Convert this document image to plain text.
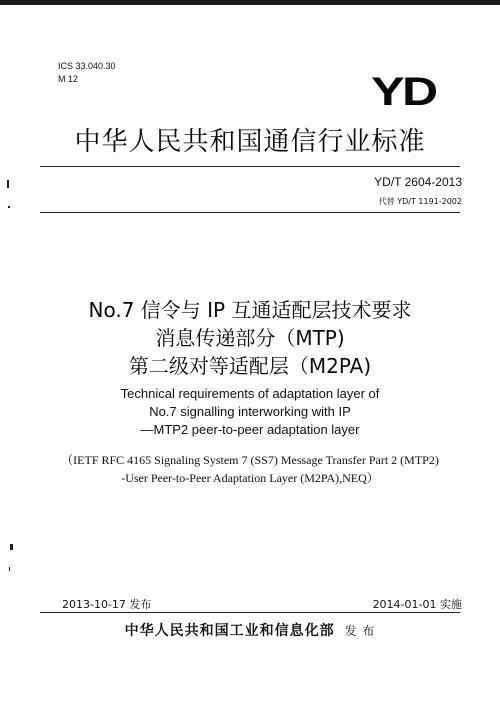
ICS 33.040.30
M 12	YD
中华人民共和国通信行业标准
YD/T 2604-2013
代替 YD/T 1191-2002
No.7 信令与 IP 互通适配层技术要求
消息传递部分（MTP)
第二级对等适配层（M2PA)
Technical requirements of adaptation layer of
No.7 signalling interworking with IP
—MTP2 peer-to-peer adaptation layer
（IETF RFC 4165 Signaling System 7 (SS7) Message Transfer Part 2 (MTP2)
-User Peer-to-Peer Adaptation Layer (M2PA),NEQ）
2013-10-17 发布	2014-01-01 实施
中华人民共和国工业和信息化部 发 布
